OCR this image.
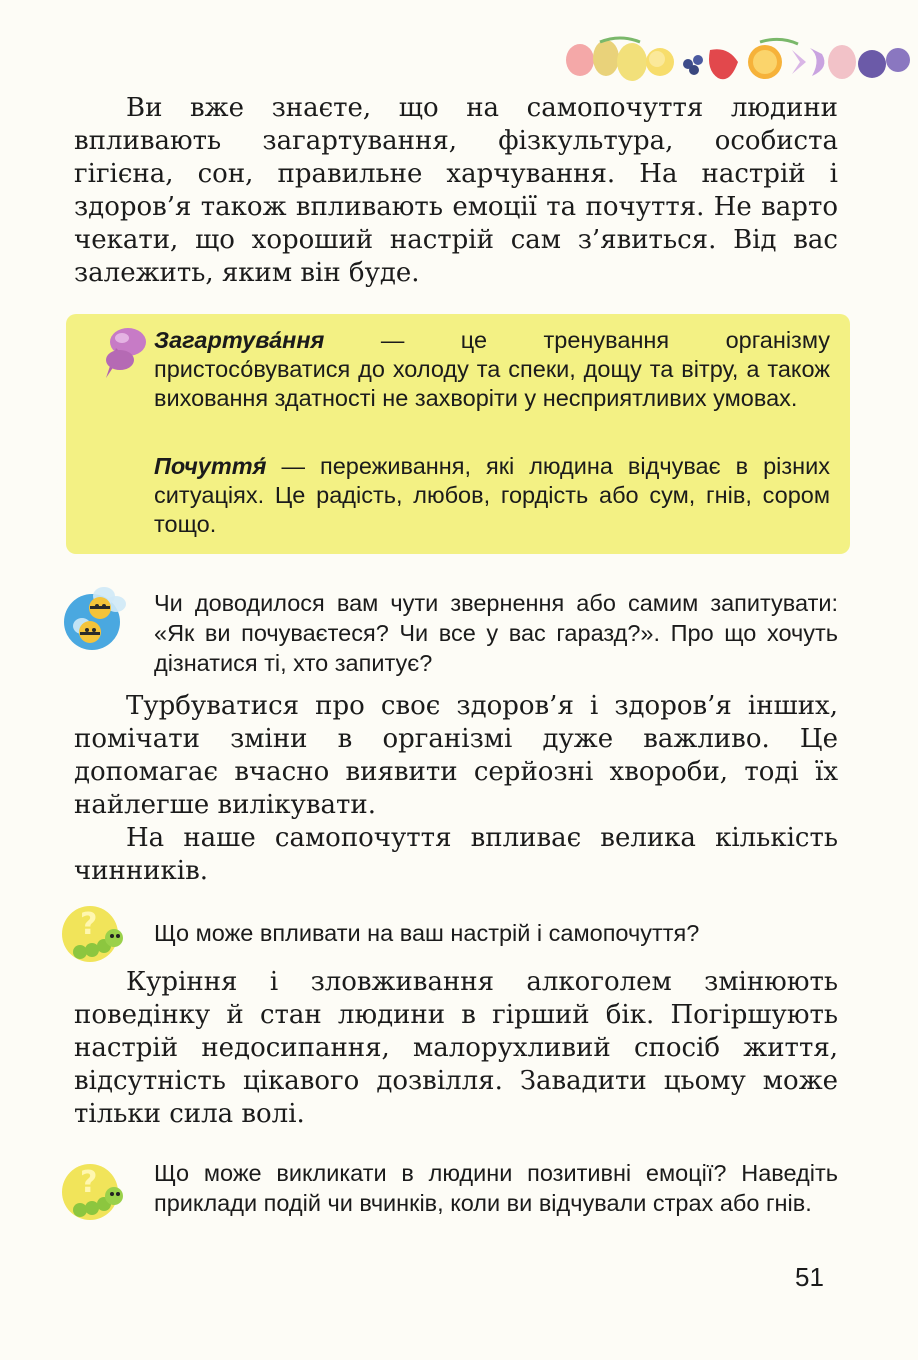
Ви вже знаєте, що на самопочуття людини впливають загартування, фізкультура, особиста гігієна, сон, правильне харчування. На настрій і здоров’я також впливають емоції та почуття. Не варто чекати, що хороший настрій сам з’явиться. Від вас залежить, яким він буде.

Загартува́ння — це тренування організму пристосо́вуватися до холоду та спеки, дощу та вітру, а також виховання здатності не захворіти у несприятливих умовах.

Почуття́ — переживання, які людина відчуває в різних ситуаціях. Це радість, любов, гордість або сум, гнів, сором тощо.

Чи доводилося вам чути звернення або самим запитувати: «Як ви почуваєтеся? Чи все у вас гаразд?». Про що хочуть дізнатися ті, хто запитує?

Турбуватися про своє здоров’я і здоров’я інших, помічати зміни в організмі дуже важливо. Це допомагає вчасно виявити серйозні хвороби, тоді їх найлегше вилікувати.

На наше самопочуття впливає велика кількість чинників.

? Що може впливати на ваш настрій і самопочуття?

Куріння і зловживання алкоголем змінюють поведінку й стан людини в гірший бік. Погіршують настрій недосипання, малорухливий спосіб життя, відсутність цікавого дозвілля. Завадити цьому може тільки сила волі.

? Що може викликати в людини позитивні емоції? Наведіть приклади подій чи вчинків, коли ви відчували страх або гнів.

51
